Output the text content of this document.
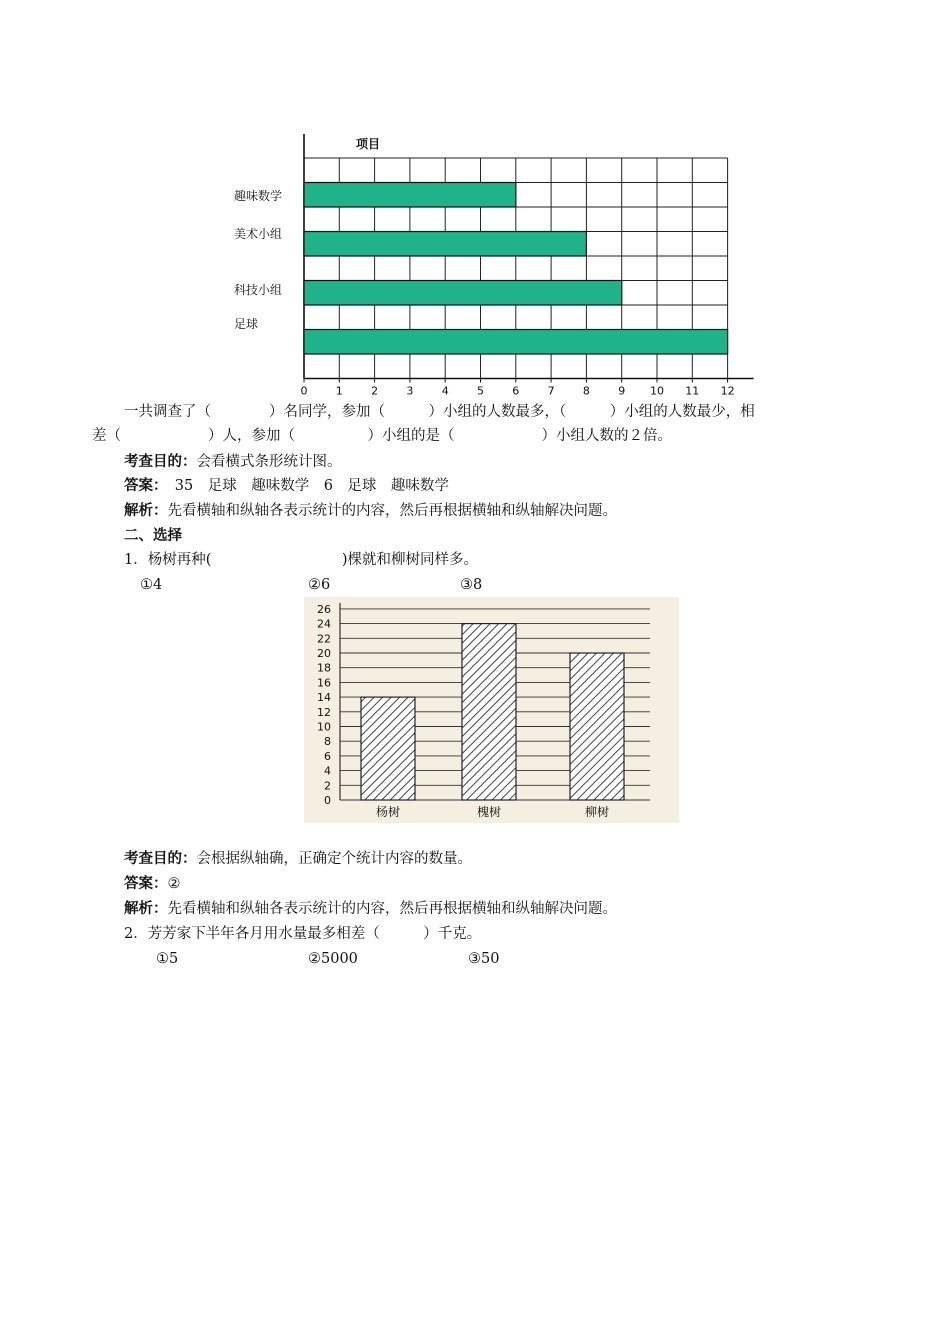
项目
趣味数学
美术小组
科技小组
足球
0	1	2	3	4	5	6	7	8	9 10 11 12
一共调查了（　　　　）名同学，参加（　　　）小组的人数最多，（　　　）小组的人数最少，相
差（　　　　　　）人，参加（　　　　　）小组的是（　　　　　　）小组人数的２倍。
考查目的：会看横式条形统计图。
答案：　35　足球　趣味数学　6　足球　趣味数学
解析：先看横轴和纵轴各表示统计的内容，然后再根据横轴和纵轴解决问题。
二、选择
1．杨树再种(　　　　　　　　　)棵就和柳树同样多。
①4	②6	③8
0
2
4
6
8
10
12
14
16
18
20
22
24
26
杨树	槐树	柳树
考查目的：会根据纵轴确，正确定个统计内容的数量。
答案：②
解析：先看横轴和纵轴各表示统计的内容，然后再根据横轴和纵轴解决问题。
2．芳芳家下半年各月用水量最多相差（　　　）千克。
①5	②5000	③50
